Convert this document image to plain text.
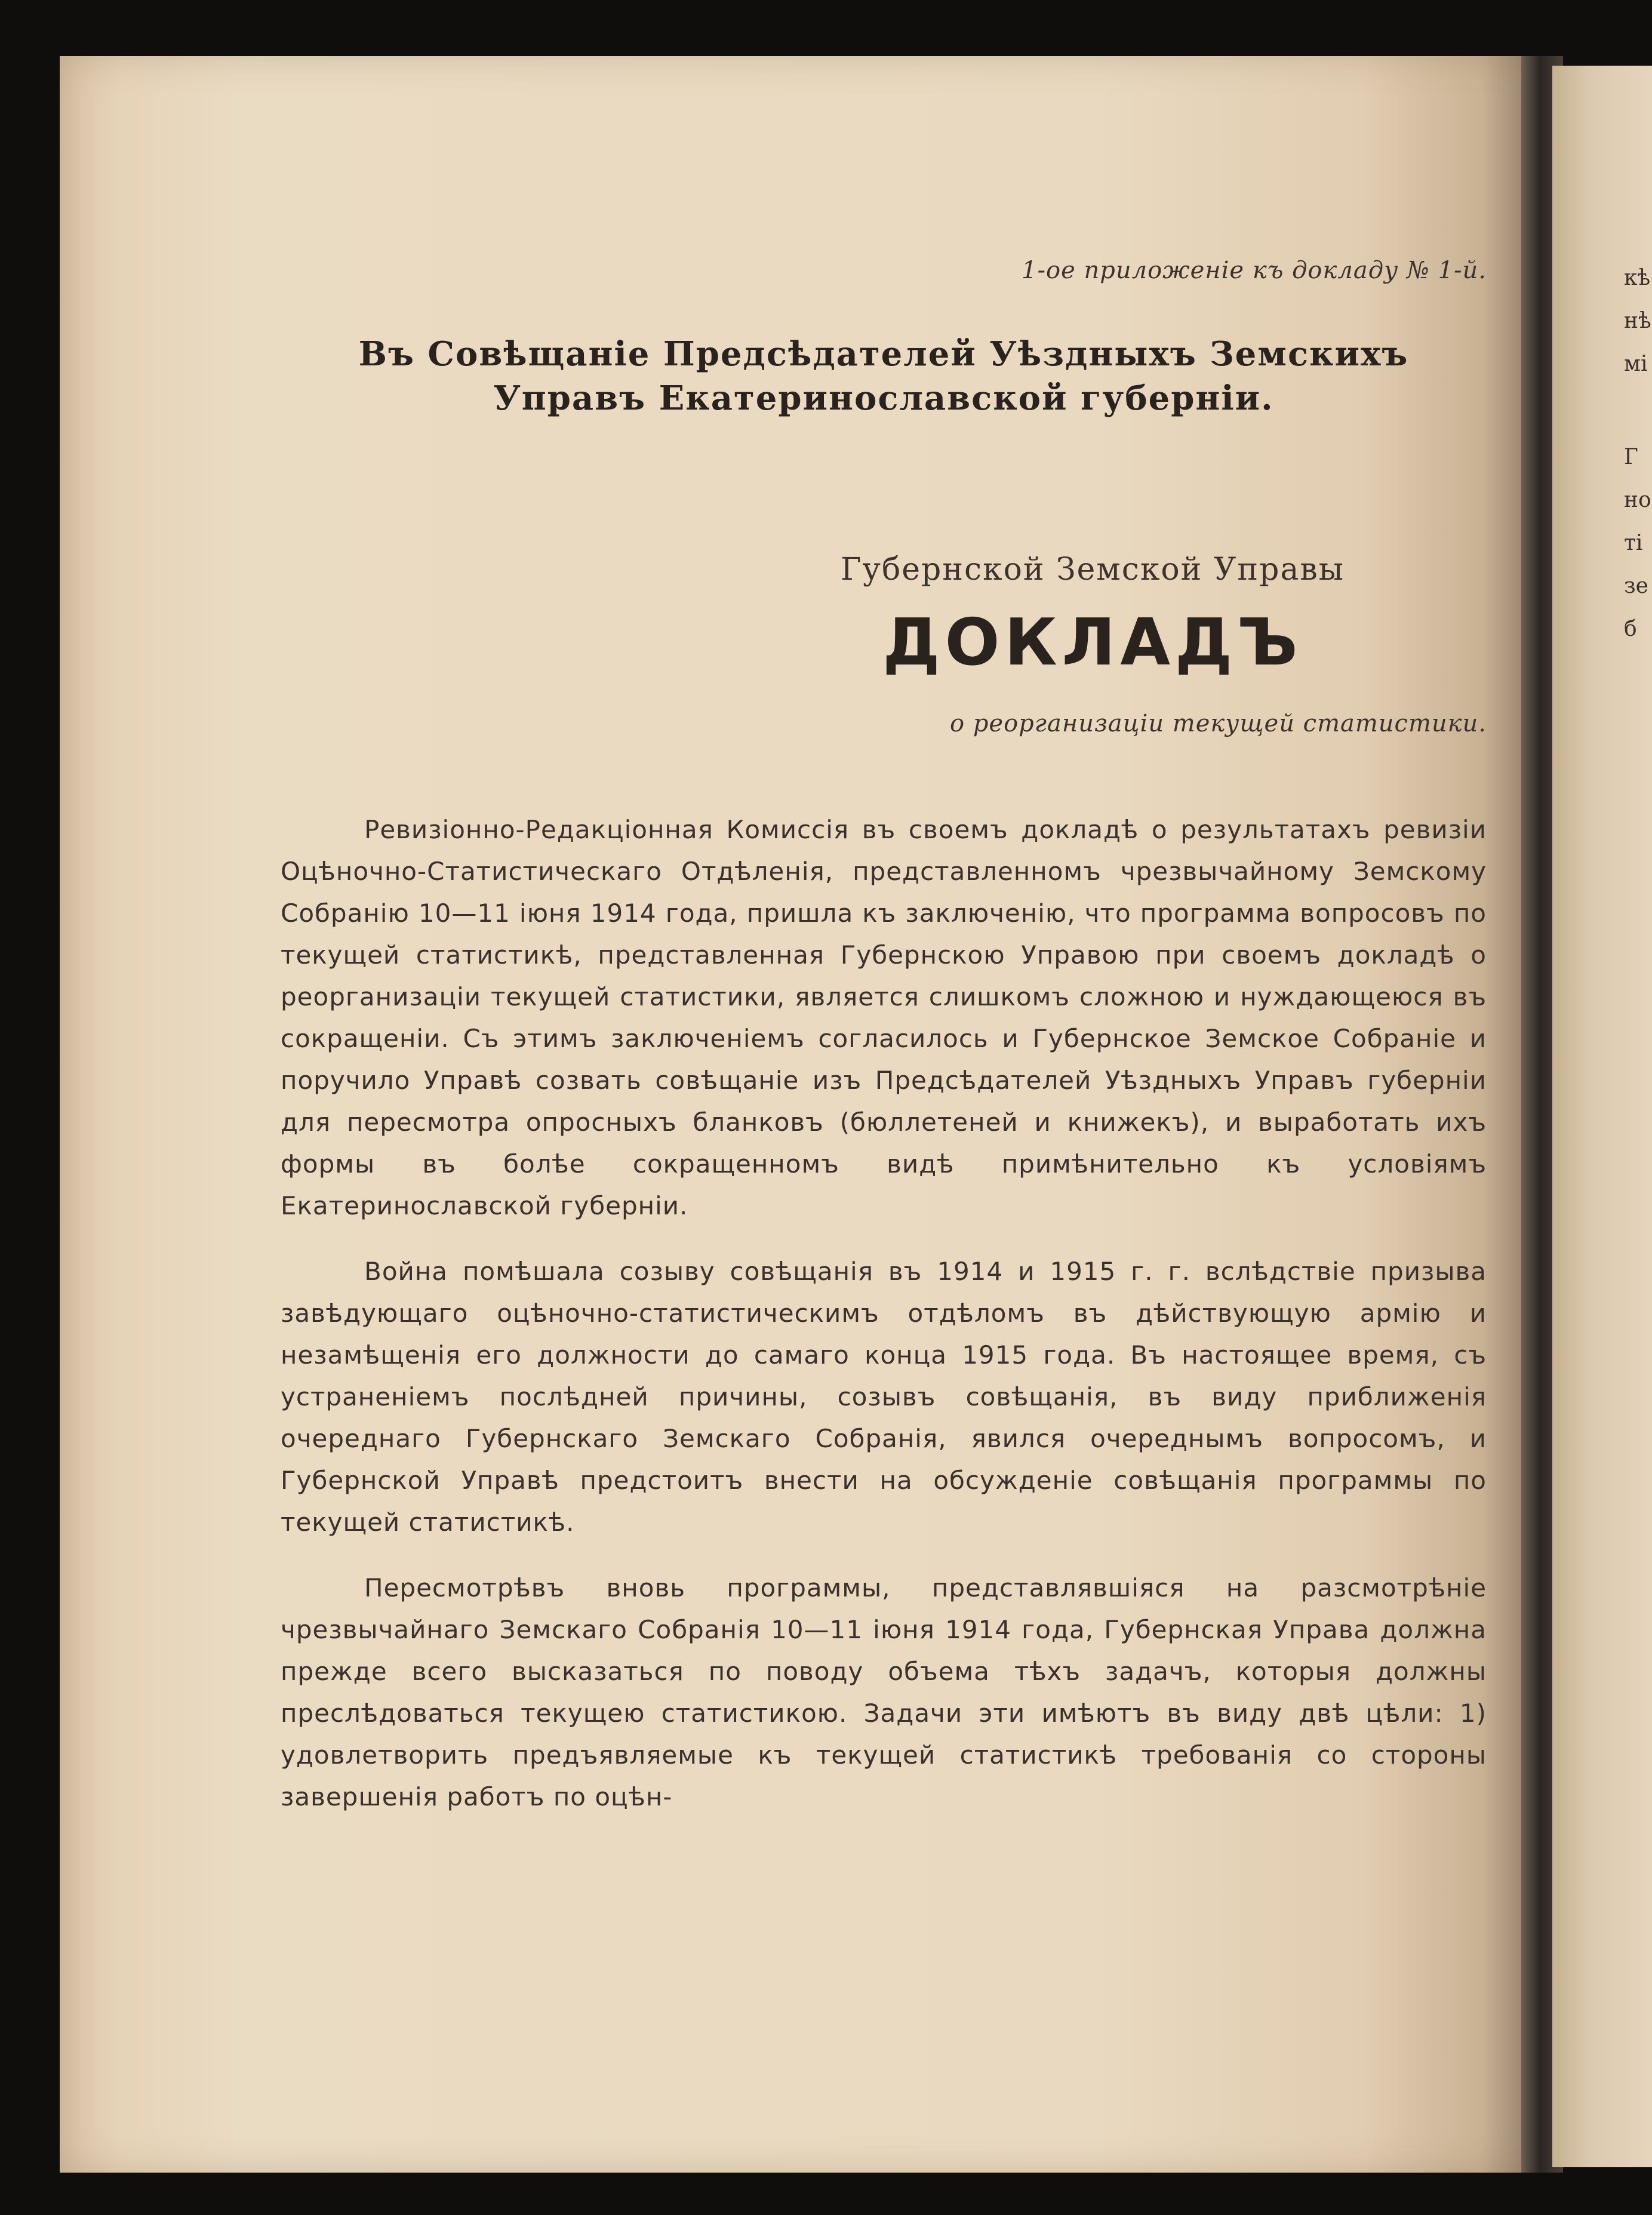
кѣ

нѣ

мі

Г

но

ті

зе

б

1-ое приложеніе къ докладу № 1-й.

Въ Совѣщаніе Предсѣдателей Уѣздныхъ Земскихъ
Управъ Екатеринославской губерніи.

Губернской Земской Управы

ДОКЛАДЪ

о реорганизаціи текущей статистики.

Ревизіонно-Редакціонная Комиссія въ своемъ докладѣ о результатахъ ревизіи Оцѣночно-Статистическаго Отдѣленія, представленномъ чрезвычайному Земскому Собранію 10—11 іюня 1914 года, пришла къ заключенію, что программа вопросовъ по текущей статистикѣ, представленная Губернскою Управою при своемъ докладѣ о реорганизаціи текущей статистики, является слишкомъ сложною и нуждающеюся въ сокращеніи. Съ этимъ заключеніемъ согласилось и Губернское Земское Собраніе и поручило Управѣ созвать совѣщаніе изъ Предсѣдателей Уѣздныхъ Управъ губерніи для пересмотра опросныхъ бланковъ (бюллетеней и книжекъ), и выработать ихъ формы въ болѣе сокращенномъ видѣ примѣнительно къ условіямъ Екатеринославской губерніи.

Война помѣшала созыву совѣщанія въ 1914 и 1915 г. г. вслѣдствіе призыва завѣдующаго оцѣночно-статистическимъ отдѣломъ въ дѣйствующую армію и незамѣщенія его должности до самаго конца 1915 года. Въ настоящее время, съ устраненіемъ послѣдней причины, созывъ совѣщанія, въ виду приближенія очереднаго Губернскаго Земскаго Собранія, явился очереднымъ вопросомъ, и Губернской Управѣ предстоитъ внести на обсужденіе совѣщанія программы по текущей статистикѣ.

Пересмотрѣвъ вновь программы, представлявшіяся на разсмотрѣніе чрезвычайнаго Земскаго Собранія 10—11 іюня 1914 года, Губернская Управа должна прежде всего высказаться по поводу объема тѣхъ задачъ, которыя должны преслѣдоваться текущею статистикою. Задачи эти имѣютъ въ виду двѣ цѣли: 1) удовлетворить предъявляемые къ текущей статистикѣ требованія со стороны завершенія работъ по оцѣн-
